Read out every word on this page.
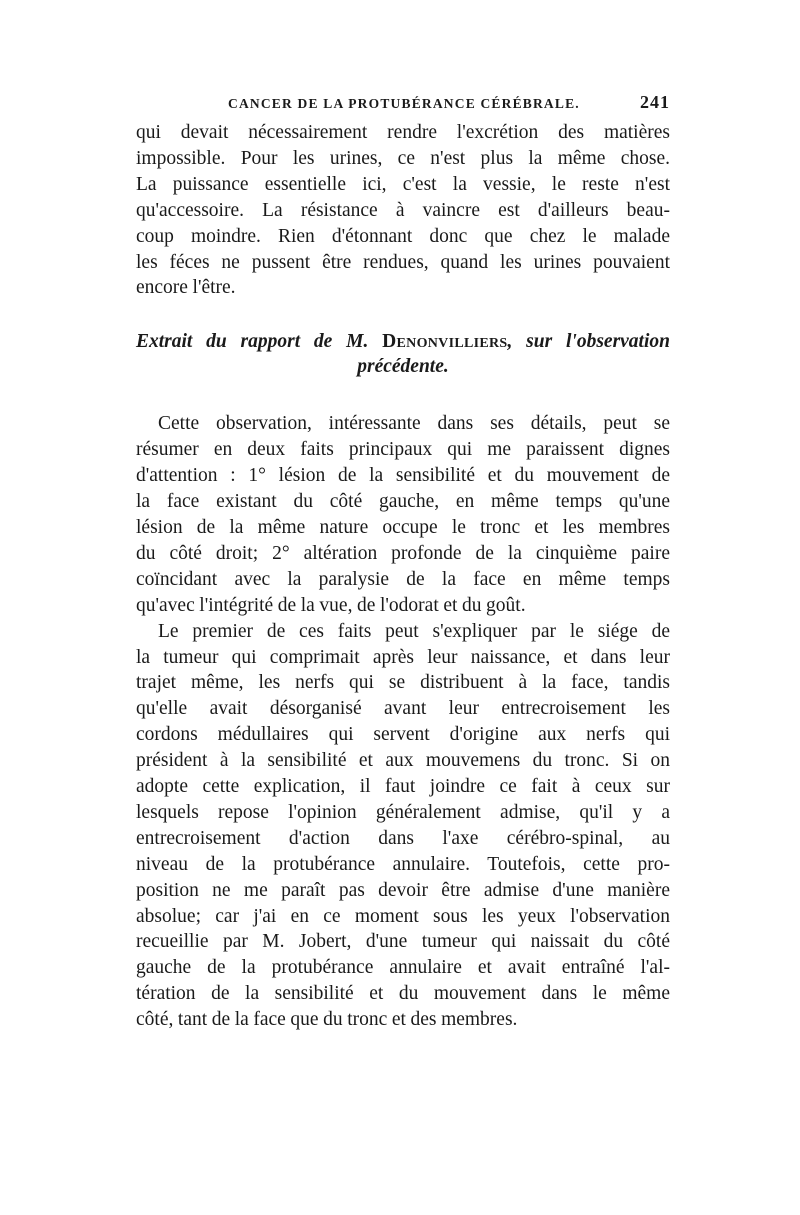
CANCER DE LA PROTUBÉRANCE CÉRÉBRALE.	241

qui devait nécessairement rendre l'excrétion des matières

impossible. Pour les urines, ce n'est plus la même chose.

La puissance essentielle ici, c'est la vessie, le reste n'est

qu'accessoire. La résistance à vaincre est d'ailleurs beau-

coup moindre. Rien d'étonnant donc que chez le malade

les féces ne pussent être rendues, quand les urines pouvaient

encore l'être.

Extrait du rapport de M. Denonvilliers, sur l'observation
précédente.

Cette observation, intéressante dans ses détails, peut se

résumer en deux faits principaux qui me paraissent dignes

d'attention : 1° lésion de la sensibilité et du mouvement de

la face existant du côté gauche, en même temps qu'une

lésion de la même nature occupe le tronc et les membres

du côté droit; 2° altération profonde de la cinquième paire

coïncidant avec la paralysie de la face en même temps

qu'avec l'intégrité de la vue, de l'odorat et du goût.

Le premier de ces faits peut s'expliquer par le siége de

la tumeur qui comprimait après leur naissance, et dans leur

trajet même, les nerfs qui se distribuent à la face, tandis

qu'elle avait désorganisé avant leur entrecroisement les

cordons médullaires qui servent d'origine aux nerfs qui

président à la sensibilité et aux mouvemens du tronc. Si on

adopte cette explication, il faut joindre ce fait à ceux sur

lesquels repose l'opinion généralement admise, qu'il y a

entrecroisement d'action dans l'axe cérébro-spinal, au

niveau de la protubérance annulaire. Toutefois, cette pro-

position ne me paraît pas devoir être admise d'une manière

absolue; car j'ai en ce moment sous les yeux l'observation

recueillie par M. Jobert, d'une tumeur qui naissait du côté

gauche de la protubérance annulaire et avait entraîné l'al-

tération de la sensibilité et du mouvement dans le même

côté, tant de la face que du tronc et des membres.
